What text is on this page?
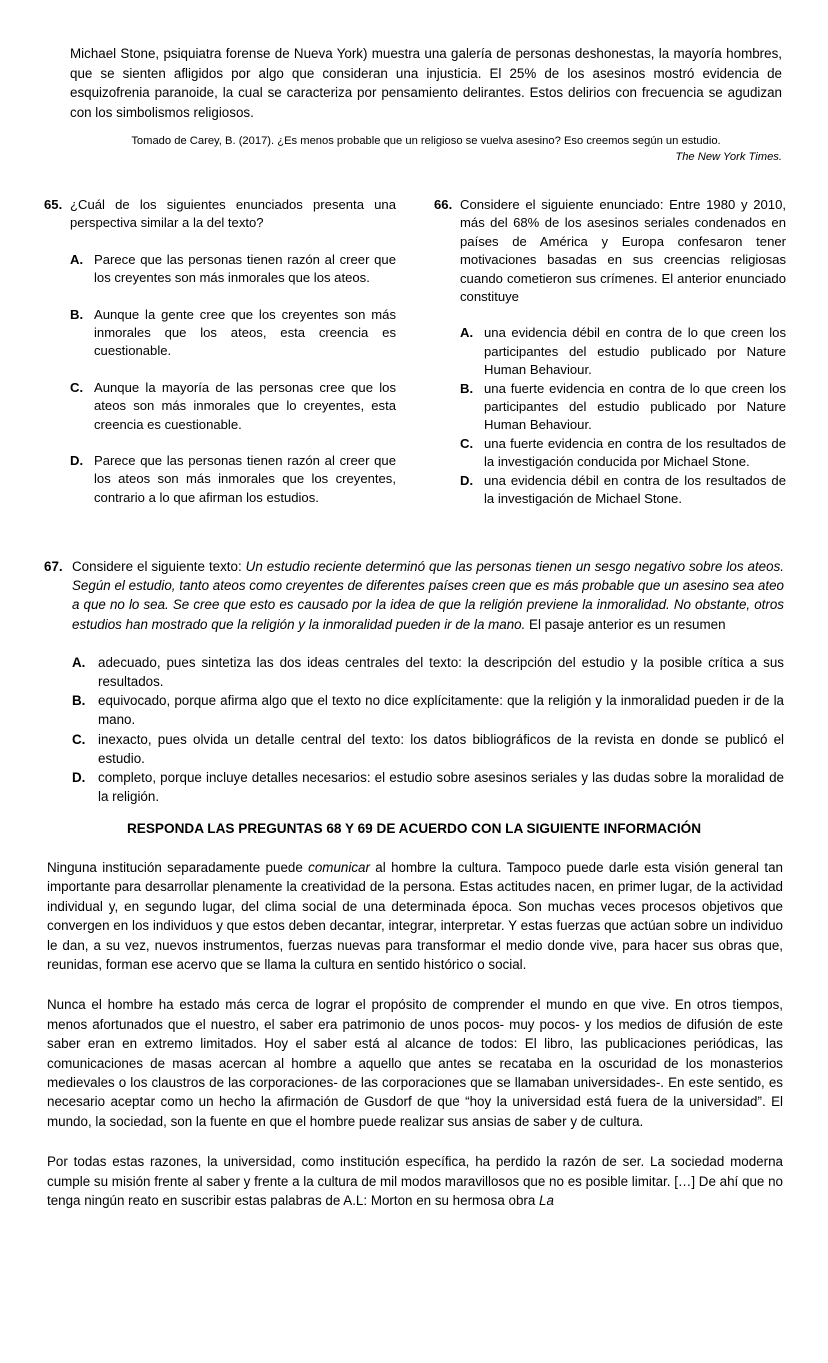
Michael Stone, psiquiatra forense de Nueva York) muestra una galería de personas deshonestas, la mayoría hombres, que se sienten afligidos por algo que consideran una injusticia. El 25% de los asesinos mostró evidencia de esquizofrenia paranoide, la cual se caracteriza por pensamiento delirantes. Estos delirios con frecuencia se agudizan con los simbolismos religiosos.

Tomado de Carey, B. (2017). ¿Es menos probable que un religioso se vuelva asesino? Eso creemos según un estudio.

The New York Times.

65. ¿Cuál de los siguientes enunciados presenta una perspectiva similar a la del texto?
A. Parece que las personas tienen razón al creer que los creyentes son más inmorales que los ateos.
B. Aunque la gente cree que los creyentes son más inmorales que los ateos, esta creencia es cuestionable.
C. Aunque la mayoría de las personas cree que los ateos son más inmorales que lo creyentes, esta creencia es cuestionable.
D. Parece que las personas tienen razón al creer que los ateos son más inmorales que los creyentes, contrario a lo que afirman los estudios.
66. Considere el siguiente enunciado: Entre 1980 y 2010, más del 68% de los asesinos seriales condenados en países de América y Europa confesaron tener motivaciones basadas en sus creencias religiosas cuando cometieron sus crímenes. El anterior enunciado constituye
A. una evidencia débil en contra de lo que creen los participantes del estudio publicado por Nature Human Behaviour.
B. una fuerte evidencia en contra de lo que creen los participantes del estudio publicado por Nature Human Behaviour.
C. una fuerte evidencia en contra de los resultados de la investigación conducida por Michael Stone.
D. una evidencia débil en contra de los resultados de la investigación de Michael Stone.
67. Considere el siguiente texto: Un estudio reciente determinó que las personas tienen un sesgo negativo sobre los ateos. Según el estudio, tanto ateos como creyentes de diferentes países creen que es más probable que un asesino sea ateo a que no lo sea. Se cree que esto es causado por la idea de que la religión previene la inmoralidad. No obstante, otros estudios han mostrado que la religión y la inmoralidad pueden ir de la mano. El pasaje anterior es un resumen
A. adecuado, pues sintetiza las dos ideas centrales del texto: la descripción del estudio y la posible crítica a sus resultados.
B. equivocado, porque afirma algo que el texto no dice explícitamente: que la religión y la inmoralidad pueden ir de la mano.
C. inexacto, pues olvida un detalle central del texto: los datos bibliográficos de la revista en donde se publicó el estudio.
D. completo, porque incluye detalles necesarios: el estudio sobre asesinos seriales y las dudas sobre la moralidad de la religión.
RESPONDA LAS PREGUNTAS 68 Y 69 DE ACUERDO CON LA SIGUIENTE INFORMACIÓN

Ninguna institución separadamente puede comunicar al hombre la cultura. Tampoco puede darle esta visión general tan importante para desarrollar plenamente la creatividad de la persona. Estas actitudes nacen, en primer lugar, de la actividad individual y, en segundo lugar, del clima social de una determinada época. Son muchas veces procesos objetivos que convergen en los individuos y que estos deben decantar, integrar, interpretar. Y estas fuerzas que actúan sobre un individuo le dan, a su vez, nuevos instrumentos, fuerzas nuevas para transformar el medio donde vive, para hacer sus obras que, reunidas, forman ese acervo que se llama la cultura en sentido histórico o social.

Nunca el hombre ha estado más cerca de lograr el propósito de comprender el mundo en que vive. En otros tiempos, menos afortunados que el nuestro, el saber era patrimonio de unos pocos- muy pocos- y los medios de difusión de este saber eran en extremo limitados. Hoy el saber está al alcance de todos: El libro, las publicaciones periódicas, las comunicaciones de masas acercan al hombre a aquello que antes se recataba en la oscuridad de los monasterios medievales o los claustros de las corporaciones- de las corporaciones que se llamaban universidades-. En este sentido, es necesario aceptar como un hecho la afirmación de Gusdorf de que “hoy la universidad está fuera de la universidad”. El mundo, la sociedad, son la fuente en que el hombre puede realizar sus ansias de saber y de cultura.

Por todas estas razones, la universidad, como institución específica, ha perdido la razón de ser. La sociedad moderna cumple su misión frente al saber y frente a la cultura de mil modos maravillosos que no es posible limitar. […] De ahí que no tenga ningún reato en suscribir estas palabras de A.L: Morton en su hermosa obra La
